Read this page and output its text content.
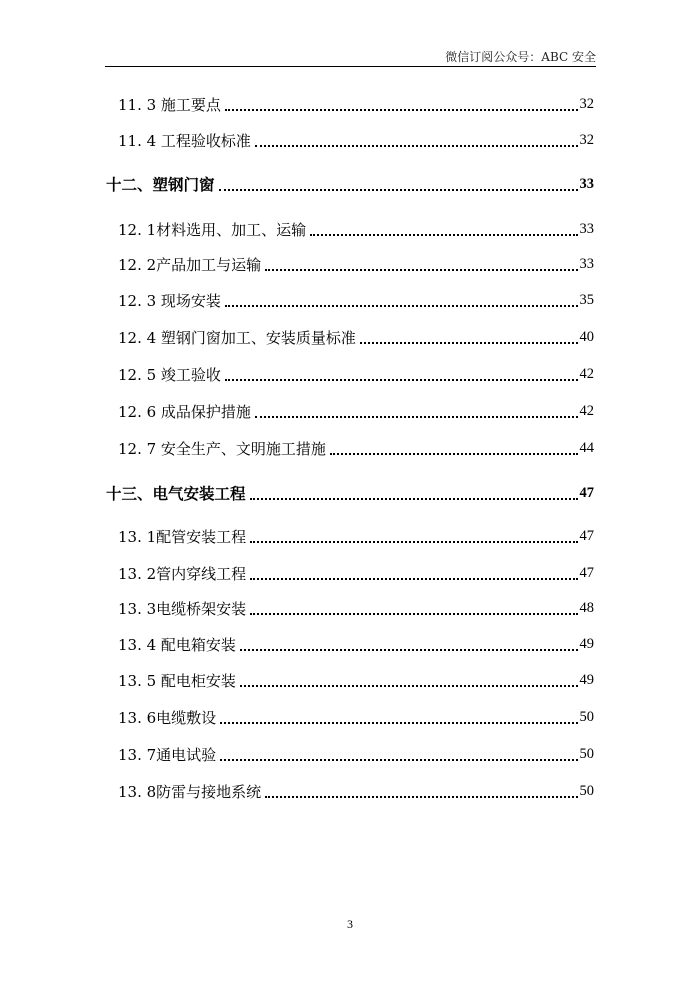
微信订阅公众号：ABC 安全
11. 3 施工要点	32
11. 4 工程验收标准	32
十二、塑钢门窗	33
12. 1材料选用、加工、运输	33
12. 2产品加工与运输	33
12. 3 现场安装	35
12. 4 塑钢门窗加工、安装质量标准	40
12. 5 竣工验收	42
12. 6 成品保护措施	42
12. 7 安全生产、文明施工措施	44
十三、电气安装工程	47
13. 1配管安装工程	47
13. 2管内穿线工程	47
13. 3电缆桥架安装	48
13. 4 配电箱安装	49
13. 5 配电柜安装	49
13. 6电缆敷设	50
13. 7通电试验	50
13. 8防雷与接地系统	50
3
